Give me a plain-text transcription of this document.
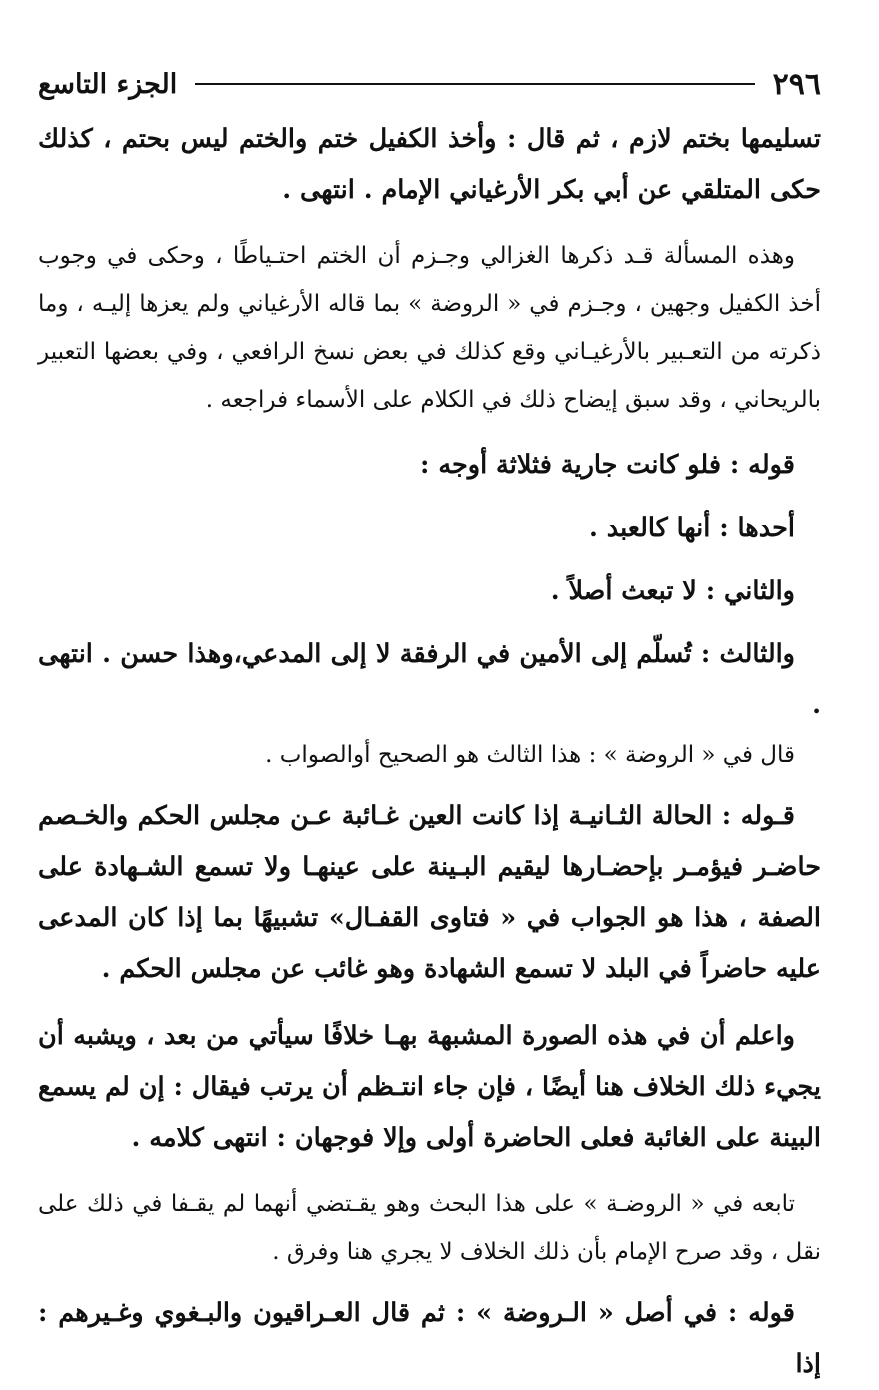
٢٩٦
الجزء التاسع

تسليمها بختم لازم ، ثم قال : وأخذ الكفيل ختم والختم ليس بحتم ، كذلك حكى المتلقي عن أبي بكر الأرغياني الإمام . انتهى .

وهذه المسألة قـد ذكرها الغزالي وجـزم أن الختم احتـياطًا ، وحكى في وجوب أخذ الكفيل وجهين ، وجـزم في « الروضة » بما قاله الأرغياني ولم يعزها إليـه ، وما ذكرته من التعـبير بالأرغيـاني وقع كذلك في بعض نسخ الرافعي ، وفي بعضها التعبير بالريحاني ، وقد سبق إيضاح ذلك في الكلام على الأسماء فراجعه .

قوله : فلو كانت جارية فثلاثة أوجه :

أحدها : أنها كالعبد .

والثاني : لا تبعث أصلاً .

والثالث : تُسلّم إلى الأمين في الرفقة لا إلى المدعي،وهذا حسن . انتهى .

قال في « الروضة » : هذا الثالث هو الصحيح أوالصواب .

قـوله : الحالة الثـانيـة إذا كانت العين غـائبة عـن مجلس الحكم والخـصم حاضـر فيؤمـر بإحضـارها ليقيم البـينة على عينهـا ولا تسمع الشـهادة على الصفة ، هذا هو الجواب في « فتاوى القفـال» تشبيهًا بما إذا كان المدعى عليه حاضراً في البلد لا تسمع الشهادة وهو غائب عن مجلس الحكم .

واعلم أن في هذه الصورة المشبهة بهـا خلافًا سيأتي من بعد ، ويشبه أن يجيء ذلك الخلاف هنا أيضًا ، فإن جاء انتـظم أن يرتب فيقال : إن لم يسمع البينة على الغائبة فعلى الحاضرة أولى وإلا فوجهان : انتهى كلامه .

تابعه في « الروضـة » على هذا البحث وهو يقـتضي أنهما لم يقـفا في ذلك على نقل ، وقد صرح الإمام بأن ذلك الخلاف لا يجري هنا وفرق .

قوله : في أصل « الـروضة » : ثم قال العـراقيون والبـغوي وغـيرهم : إذا
